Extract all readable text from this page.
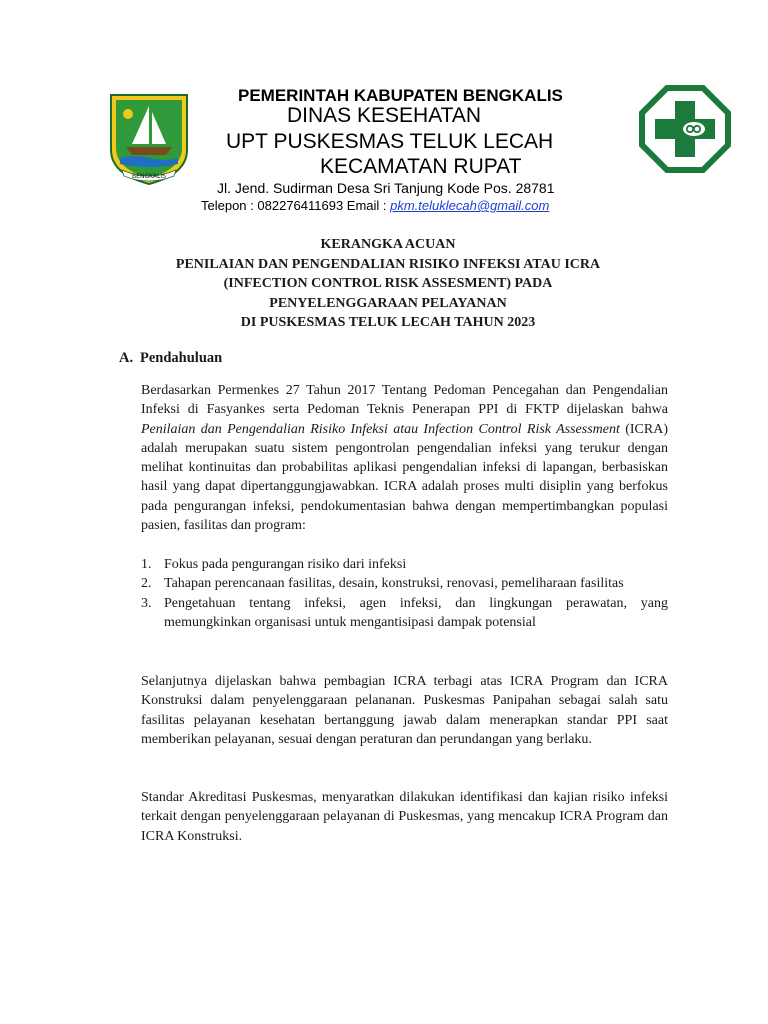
BENGKALIS
PEMERINTAH KABUPATEN BENGKALIS
DINAS KESEHATAN
UPT PUSKESMAS TELUK LECAH
KECAMATAN RUPAT
Jl. Jend. Sudirman Desa Sri Tanjung Kode Pos. 28781
Telepon : 082276411693 Email : pkm.teluklecah@gmail.com
KERANGKA ACUAN
PENILAIAN DAN PENGENDALIAN RISIKO INFEKSI ATAU ICRA
(INFECTION CONTROL RISK ASSESMENT) PADA
PENYELENGGARAAN PELAYANAN
DI PUSKESMAS TELUK LECAH TAHUN 2023
A. Pendahuluan
Berdasarkan Permenkes 27 Tahun 2017 Tentang Pedoman Pencegahan dan Pengendalian Infeksi di Fasyankes serta Pedoman Teknis Penerapan PPI di FKTP dijelaskan bahwa Penilaian dan Pengendalian Risiko Infeksi atau Infection Control Risk Assessment (ICRA) adalah merupakan suatu sistem pengontrolan pengendalian infeksi yang terukur dengan melihat kontinuitas dan probabilitas aplikasi pengendalian infeksi di lapangan, berbasiskan hasil yang dapat dipertanggungjawabkan. ICRA adalah proses multi disiplin yang berfokus pada pengurangan infeksi, pendokumentasian bahwa dengan mempertimbangkan populasi pasien, fasilitas dan program:
1. Fokus pada pengurangan risiko dari infeksi
2. Tahapan perencanaan fasilitas, desain, konstruksi, renovasi, pemeliharaan fasilitas
3. Pengetahuan tentang infeksi, agen infeksi, dan lingkungan perawatan, yang memungkinkan organisasi untuk mengantisipasi dampak potensial
Selanjutnya dijelaskan bahwa pembagian ICRA terbagi atas ICRA Program dan ICRA Konstruksi dalam penyelenggaraan pelananan. Puskesmas Panipahan sebagai salah satu fasilitas pelayanan kesehatan bertanggung jawab dalam menerapkan standar PPI saat memberikan pelayanan, sesuai dengan peraturan dan perundangan yang berlaku.
Standar Akreditasi Puskesmas, menyaratkan dilakukan identifikasi dan kajian risiko infeksi terkait dengan penyelenggaraan pelayanan di Puskesmas, yang mencakup ICRA Program dan ICRA Konstruksi.
